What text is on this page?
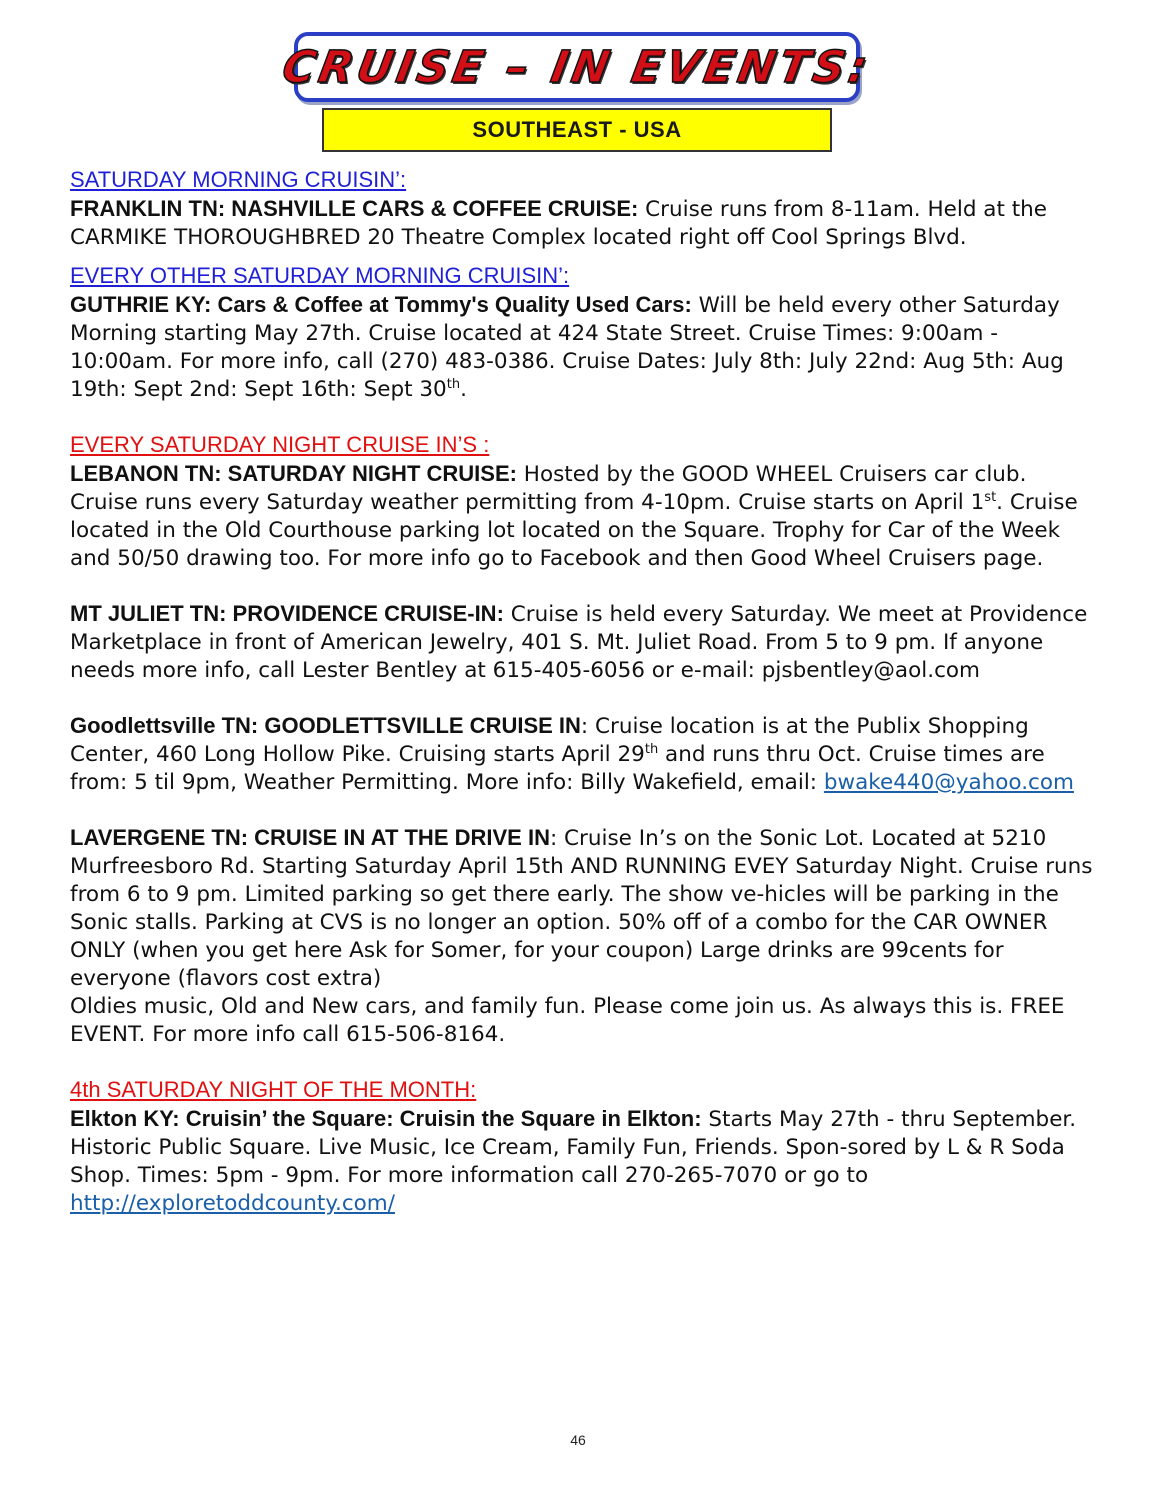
CRUISE – IN EVENTS:
SOUTHEAST - USA
SATURDAY MORNING CRUISIN’:

FRANKLIN TN: NASHVILLE CARS & COFFEE CRUISE: Cruise runs from 8-11am. Held at the CARMIKE THOROUGHBRED 20 Theatre Complex located right off Cool Springs Blvd.

EVERY OTHER SATURDAY MORNING CRUISIN’:

GUTHRIE KY: Cars & Coffee at Tommy's Quality Used Cars: Will be held every other Saturday Morning starting May 27th. Cruise located at 424 State Street. Cruise Times: 9:00am - 10:00am. For more info, call (270) 483-0386. Cruise Dates: July 8th: July 22nd: Aug 5th: Aug 19th: Sept 2nd: Sept 16th: Sept 30th.

EVERY SATURDAY NIGHT CRUISE IN’S :

LEBANON TN: SATURDAY NIGHT CRUISE: Hosted by the GOOD WHEEL Cruisers car club. Cruise runs every Saturday weather permitting from 4-10pm. Cruise starts on April 1st. Cruise located in the Old Courthouse parking lot located on the Square. Trophy for Car of the Week and 50/50 drawing too. For more info go to Facebook and then Good Wheel Cruisers page.

MT JULIET TN: PROVIDENCE CRUISE-IN: Cruise is held every Saturday. We meet at Providence Marketplace in front of American Jewelry, 401 S. Mt. Juliet Road. From 5 to 9 pm. If anyone needs more info, call Lester Bentley at 615-405-6056 or e-mail: pjsbentley@aol.com

Goodlettsville TN: GOODLETTSVILLE CRUISE IN: Cruise location is at the Publix Shopping Center, 460 Long Hollow Pike. Cruising starts April 29th and runs thru Oct. Cruise times are from: 5 til 9pm, Weather Permitting. More info: Billy Wakefield, email: bwake440@yahoo.com

LAVERGENE TN: CRUISE IN AT THE DRIVE IN: Cruise In’s on the Sonic Lot. Located at 5210 Murfreesboro Rd. Starting Saturday April 15th AND RUNNING EVEY Saturday Night. Cruise runs from 6 to 9 pm. Limited parking so get there early. The show ve-hicles will be parking in the Sonic stalls. Parking at CVS is no longer an option. 50% off of a combo for the CAR OWNER ONLY (when you get here Ask for Somer, for your coupon) Large drinks are 99cents for everyone (flavors cost extra)
Oldies music, Old and New cars, and family fun. Please come join us. As always this is. FREE EVENT. For more info call 615-506-8164.

4th SATURDAY NIGHT OF THE MONTH:

Elkton KY: Cruisin’ the Square: Cruisin the Square in Elkton: Starts May 27th - thru September. Historic Public Square. Live Music, Ice Cream, Family Fun, Friends. Spon-sored by L & R Soda Shop. Times: 5pm - 9pm. For more information call 270-265-7070 or go to http://exploretoddcounty.com/

46
